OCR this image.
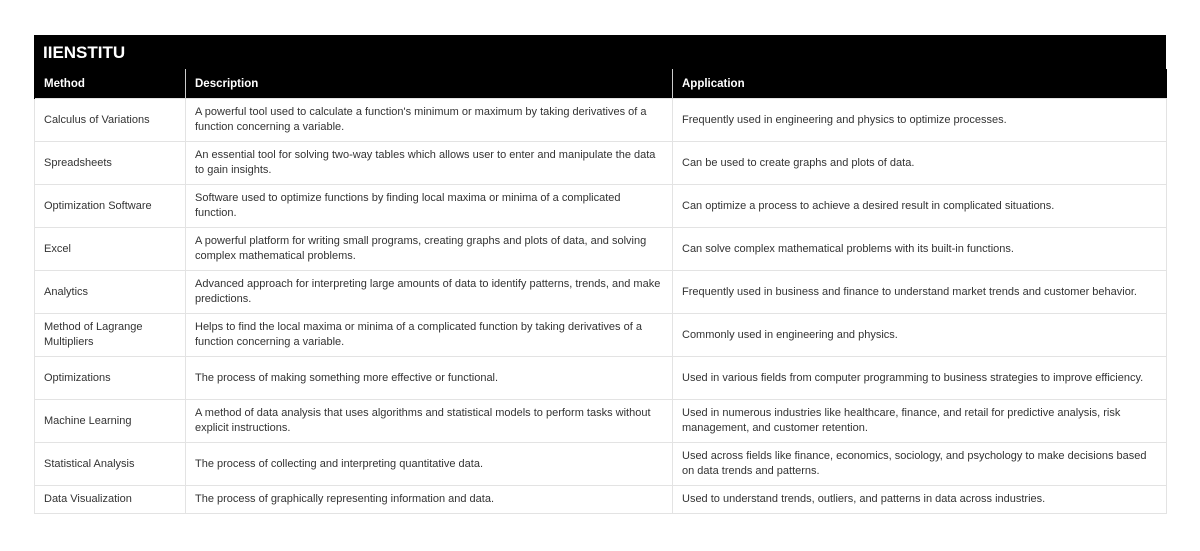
IIENSTITU
Method	Description	Application
Calculus of Variations	A powerful tool used to calculate a function's minimum or maximum by taking derivatives of a function concerning a variable.	Frequently used in engineering and physics to optimize processes.
Spreadsheets	An essential tool for solving two-way tables which allows user to enter and manipulate the data to gain insights.	Can be used to create graphs and plots of data.
Optimization Software	Software used to optimize functions by finding local maxima or minima of a complicated function.	Can optimize a process to achieve a desired result in complicated situations.
Excel	A powerful platform for writing small programs, creating graphs and plots of data, and solving complex mathematical problems.	Can solve complex mathematical problems with its built-in functions.
Analytics	Advanced approach for interpreting large amounts of data to identify patterns, trends, and make predictions.	Frequently used in business and finance to understand market trends and customer behavior.
Method of Lagrange Multipliers	Helps to find the local maxima or minima of a complicated function by taking derivatives of a function concerning a variable.	Commonly used in engineering and physics.
Optimizations	The process of making something more effective or functional.	Used in various fields from computer programming to business strategies to improve efficiency.
Machine Learning	A method of data analysis that uses algorithms and statistical models to perform tasks without explicit instructions.	Used in numerous industries like healthcare, finance, and retail for predictive analysis, risk management, and customer retention.
Statistical Analysis	The process of collecting and interpreting quantitative data.	Used across fields like finance, economics, sociology, and psychology to make decisions based on data trends and patterns.
Data Visualization	The process of graphically representing information and data.	Used to understand trends, outliers, and patterns in data across industries.
